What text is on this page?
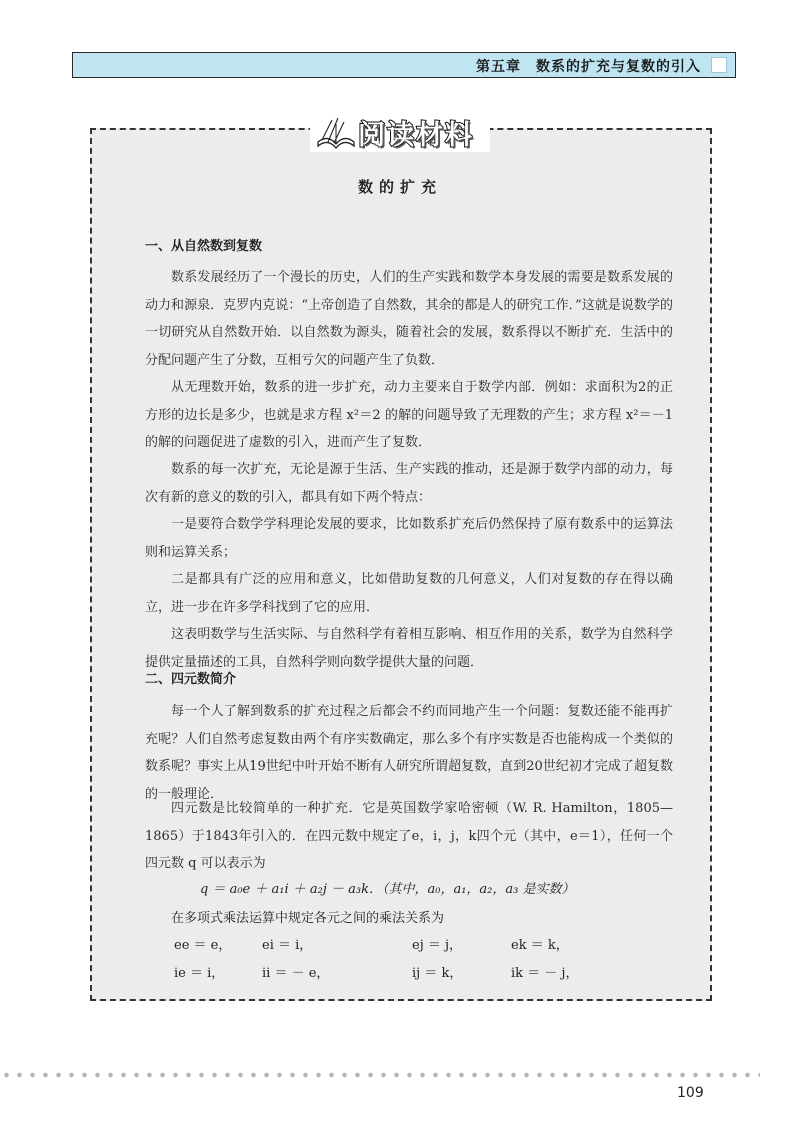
第五章　数系的扩充与复数的引入
阅读材料
数的扩充
一、从自然数到复数

数系发展经历了一个漫长的历史，人们的生产实践和数学本身发展的需要是数系发展的动力和源泉．克罗内克说：“上帝创造了自然数，其余的都是人的研究工作．”这就是说数学的一切研究从自然数开始．以自然数为源头，随着社会的发展，数系得以不断扩充．生活中的分配问题产生了分数，互相亏欠的问题产生了负数．

从无理数开始，数系的进一步扩充，动力主要来自于数学内部．例如：求面积为2的正方形的边长是多少，也就是求方程 x²＝2 的解的问题导致了无理数的产生；求方程 x²＝－1 的解的问题促进了虚数的引入，进而产生了复数．

数系的每一次扩充，无论是源于生活、生产实践的推动，还是源于数学内部的动力，每次有新的意义的数的引入，都具有如下两个特点：

一是要符合数学学科理论发展的要求，比如数系扩充后仍然保持了原有数系中的运算法则和运算关系；

二是都具有广泛的应用和意义，比如借助复数的几何意义，人们对复数的存在得以确立，进一步在许多学科找到了它的应用．

这表明数学与生活实际、与自然科学有着相互影响、相互作用的关系，数学为自然科学提供定量描述的工具，自然科学则向数学提供大量的问题．

二、四元数简介

每一个人了解到数系的扩充过程之后都会不约而同地产生一个问题：复数还能不能再扩充呢？人们自然考虑复数由两个有序实数确定，那么多个有序实数是否也能构成一个类似的数系呢？事实上从19世纪中叶开始不断有人研究所谓超复数，直到20世纪初才完成了超复数的一般理论．

四元数是比较简单的一种扩充．它是英国数学家哈密顿（W. R. Hamilton，1805—1865）于1843年引入的．在四元数中规定了e，i，j，k四个元（其中，e＝1），任何一个四元数 q 可以表示为

q ＝ a₀e ＋ a₁i ＋ a₂j － a₃k．（其中，a₀，a₁，a₂，a₃ 是实数）
在多项式乘法运算中规定各元之间的乘法关系为
ee ＝ e， ei ＝ i，	ej ＝ j，	ek ＝ k，
ie ＝ i，	ii ＝ － e，	ij ＝ k，	ik ＝ － j，
109
